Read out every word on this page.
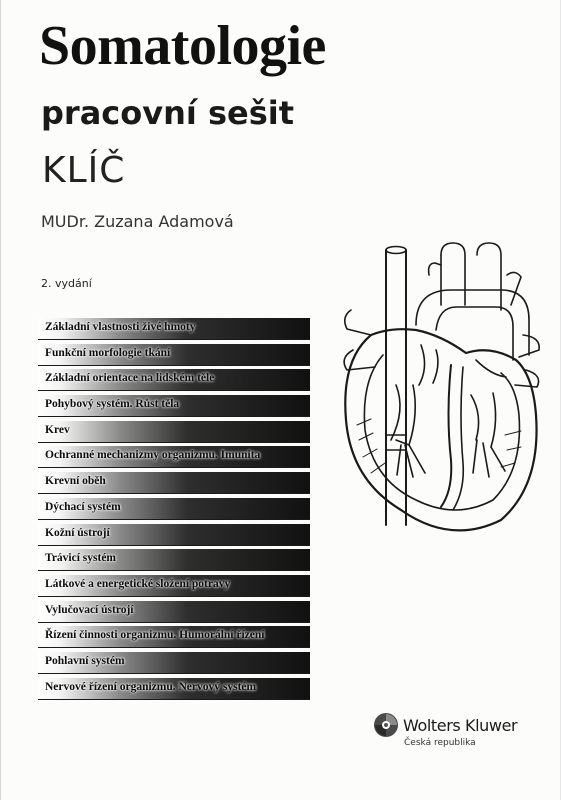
Somatologie
pracovní sešit
KLÍČ
MUDr. Zuzana Adamová
2. vydání
Základní vlastnosti živé hmoty
Funkční morfologie tkání
Základní orientace na lidském těle
Pohybový systém. Růst těla
Krev
Ochranné mechanizmy organizmu. Imunita
Krevní oběh
Dýchací systém
Kožní ústrojí
Trávicí systém
Látkové a energetické složení potravy
Vylučovací ústrojí
Řízení činnosti organizmu. Humorální řízení
Pohlavní systém
Nervové řízení organizmu. Nervový systém
Wolters Kluwer
Česká republika
